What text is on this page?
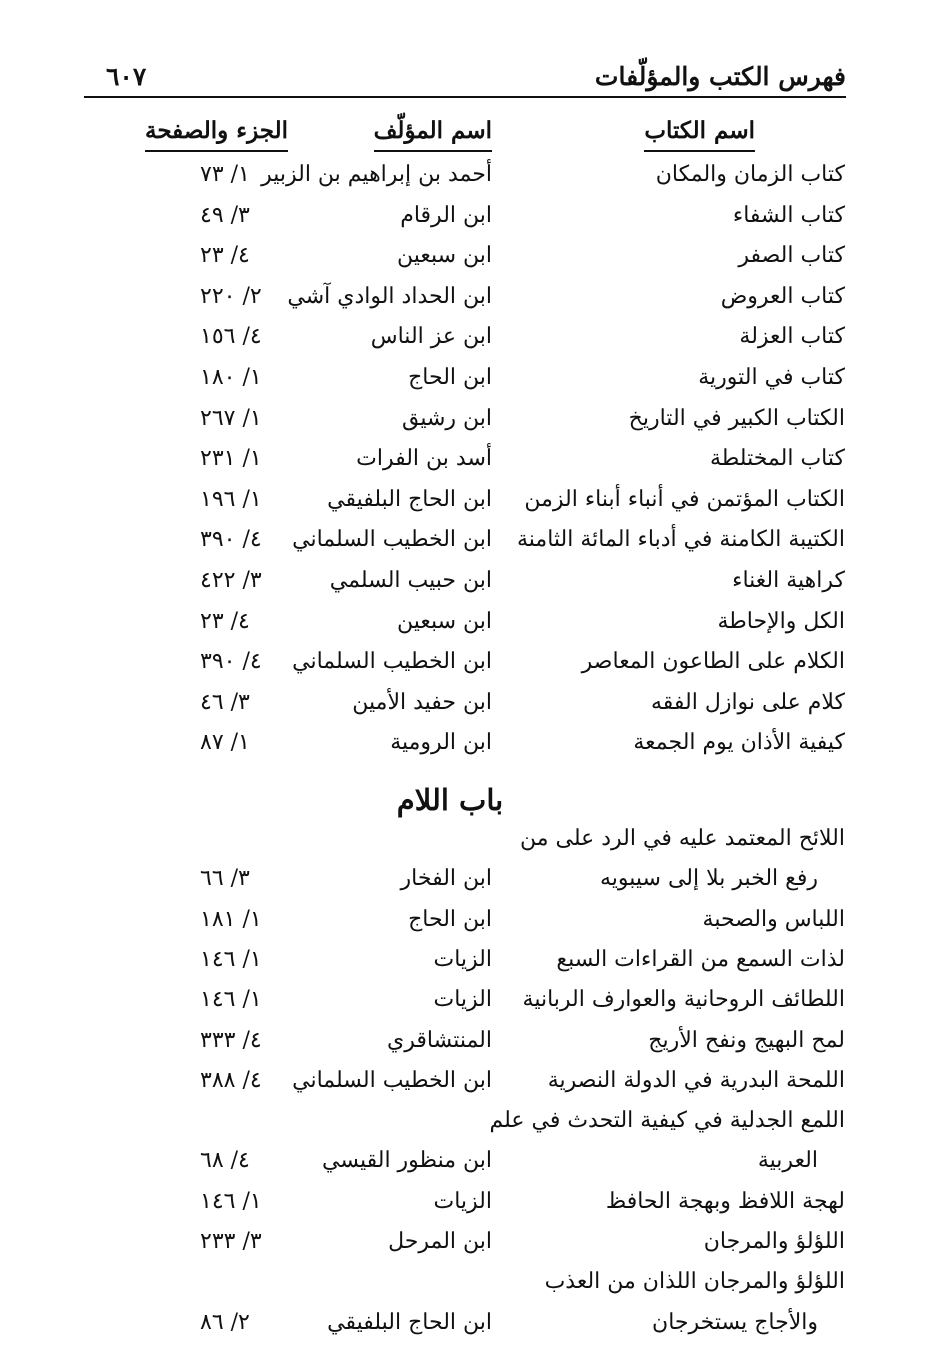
فهرس الكتب والمؤلّفات
٦٠٧
اسم الكتاب
اسم المؤلّف
الجزء والصفحة
كتاب الزمان والمكان
أحمد بن إبراهيم بن الزبير
١/ ٧٣
كتاب الشفاء
ابن الرقام
٣/ ٤٩
كتاب الصفر
ابن سبعين
٤/ ٢٣
كتاب العروض
ابن الحداد الوادي آشي
٢/ ٢٢٠
كتاب العزلة
ابن عز الناس
٤/ ١٥٦
كتاب في التورية
ابن الحاج
١/ ١٨٠
الكتاب الكبير في التاريخ
ابن رشيق
١/ ٢٦٧
كتاب المختلطة
أسد بن الفرات
١/ ٢٣١
الكتاب المؤتمن في أنباء أبناء الزمن
ابن الحاج البلفيقي
١/ ١٩٦
الكتيبة الكامنة في أدباء المائة الثامنة
ابن الخطيب السلماني
٤/ ٣٩٠
كراهية الغناء
ابن حبيب السلمي
٣/ ٤٢٢
الكل والإحاطة
ابن سبعين
٤/ ٢٣
الكلام على الطاعون المعاصر
ابن الخطيب السلماني
٤/ ٣٩٠
كلام على نوازل الفقه
ابن حفيد الأمين
٣/ ٤٦
كيفية الأذان يوم الجمعة
ابن الرومية
١/ ٨٧
باب اللام
اللائح المعتمد عليه في الرد على من
رفع الخبر بلا إلى سيبويه
ابن الفخار
٣/ ٦٦
اللباس والصحبة
ابن الحاج
١/ ١٨١
لذات السمع من القراءات السبع
الزيات
١/ ١٤٦
اللطائف الروحانية والعوارف الربانية
الزيات
١/ ١٤٦
لمح البهيج ونفح الأريج
المنتشاقري
٤/ ٣٣٣
اللمحة البدرية في الدولة النصرية
ابن الخطيب السلماني
٤/ ٣٨٨
اللمع الجدلية في كيفية التحدث في علم
العربية
ابن منظور القيسي
٤/ ٦٨
لهجة اللافظ وبهجة الحافظ
الزيات
١/ ١٤٦
اللؤلؤ والمرجان
ابن المرحل
٣/ ٢٣٣
اللؤلؤ والمرجان اللذان من العذب
والأجاج يستخرجان
ابن الحاج البلفيقي
٢/ ٨٦
